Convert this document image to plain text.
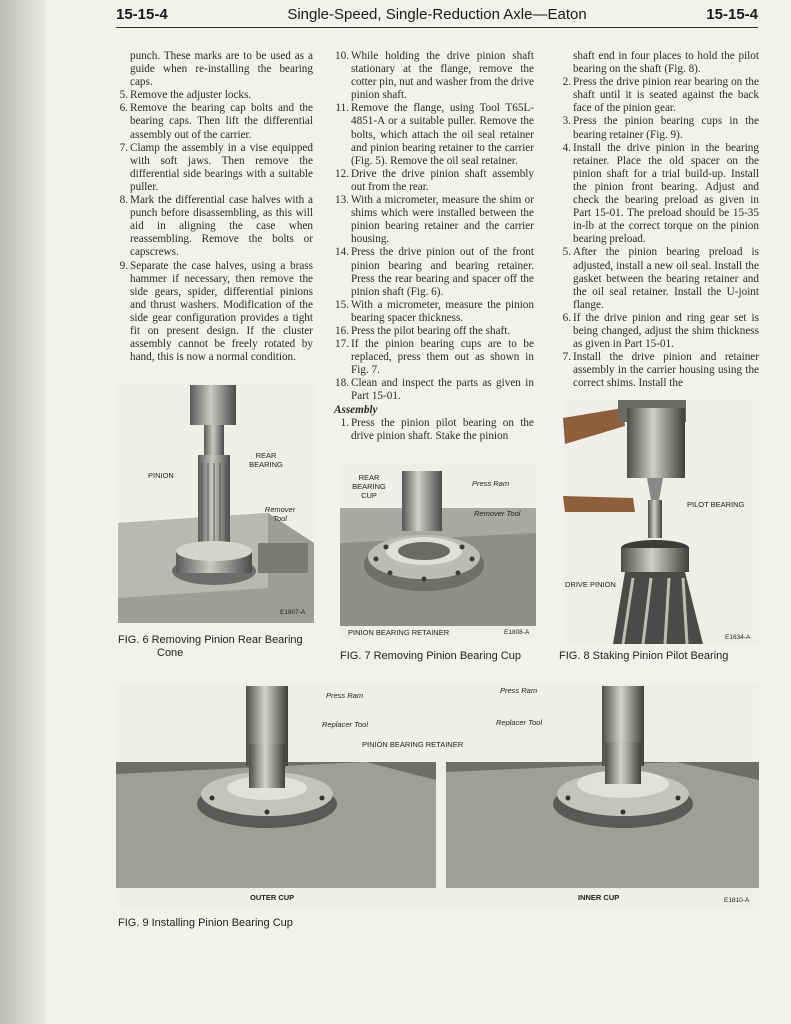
15-15-4	Single-Speed, Single-Reduction Axle—Eaton	15-15-4

punch. These marks are to be used as a guide when re-installing the bearing caps.

5. Remove the adjuster locks.

6. Remove the bearing cap bolts and the bearing caps. Then lift the differential assembly out of the carrier.

7. Clamp the assembly in a vise equipped with soft jaws. Then remove the differential side bearings with a suitable puller.

8. Mark the differential case halves with a punch before disassembling, as this will aid in aligning the case when reassembling. Remove the bolts or capscrews.

9. Separate the case halves, using a brass hammer if necessary, then remove the side gears, spider, differential pinions and thrust washers. Modification of the side gear configuration provides a tight fit on present design. If the cluster assembly cannot be freely rotated by hand, this is now a normal condition.

10. While holding the drive pinion shaft stationary at the flange, remove the cotter pin, nut and washer from the drive pinion shaft.

11. Remove the flange, using Tool T65L-4851-A or a suitable puller. Remove the bolts, which attach the oil seal retainer and pinion bearing retainer to the carrier (Fig. 5). Remove the oil seal retainer.

12. Drive the drive pinion shaft assembly out from the rear.

13. With a micrometer, measure the shim or shims which were installed between the pinion bearing retainer and the carrier housing.

14. Press the drive pinion out of the front pinion bearing and bearing retainer. Press the rear bearing and spacer off the pinion shaft (Fig. 6).

15. With a micrometer, measure the pinion bearing spacer thickness.

16. Press the pilot bearing off the shaft.

17. If the pinion bearing cups are to be replaced, press them out as shown in Fig. 7.

18. Clean and inspect the parts as given in Part 15-01.

Assembly

1. Press the pinion pilot bearing on the drive pinion shaft. Stake the pinion

shaft end in four places to hold the pilot bearing on the shaft (Fig. 8).

2. Press the drive pinion rear bearing on the shaft until it is seated against the back face of the pinion gear.

3. Press the pinion bearing cups in the bearing retainer (Fig. 9).

4. Install the drive pinion in the bearing retainer. Place the old spacer on the pinion shaft for a trial build-up. Install the pinion front bearing. Adjust and check the bearing preload as given in Part 15-01. The preload should be 15-35 in-lb at the correct torque on the pinion bearing preload.

5. After the pinion bearing preload is adjusted, install a new oil seal. Install the gasket between the bearing retainer and the oil seal retainer. Install the U-joint flange.

6. If the drive pinion and ring gear set is being changed, adjust the shim thickness as given in Part 15-01.

7. Install the drive pinion and retainer assembly in the carrier housing using the correct shims. Install the

REAR BEARING
PINION
Remover Tool
E1807-A
FIG. 6 Removing Pinion Rear Bearing
Cone
REAR BEARING CUP
Press Ram
Remover Tool
PINION BEARING RETAINER	E1808-A
FIG. 7 Removing Pinion Bearing Cup
PILOT BEARING
DRIVE PINION
E1634-A
FIG. 8 Staking Pinion Pilot Bearing
Press Ram
Replacer Tool
PINION BEARING RETAINER
Press Ram
Replacer Tool
OUTER CUP	INNER CUP	E1810-A
FIG. 9 Installing Pinion Bearing Cup
